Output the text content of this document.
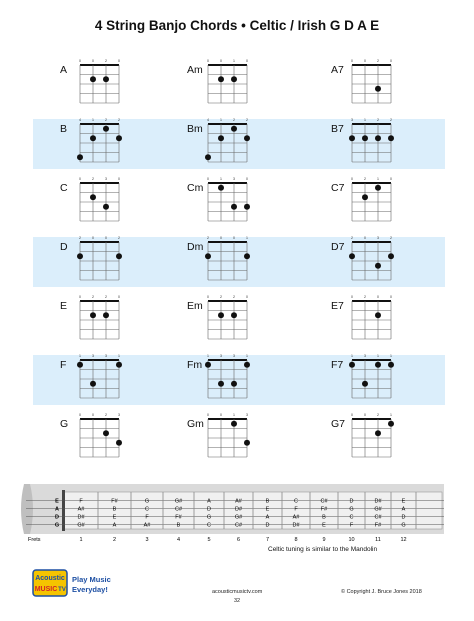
4 String Banjo Chords • Celtic / Irish G D A E
A
0	0	2	0
Am
0	0	1	0
A7
0	0	2	0
B
4	1	2	2
Bm
4	1	2	2
B7
3	1	2	2
C
0	2	3	0
Cm
0	1	3	0
C7
0	2	1	0
D
2	0	0	2
Dm
2	0	0	1
D7
2	0	3	2
E
0	2	2	0
Em
0	2	2	0
E7
0	2	0	0
F
1	3	3	1
Fm
1	3	3	1
F7
1	3	1	1
G
0	0	2	3
Gm
0	0	1	3
G7
0	0	2	1
E
A
D
G
F	F#	G	G#	A	A#	B	C	C#	D	D#	E
A#	B	C	C#	D	D#	E	F	F#	G	G#	A
D#	E	F	F#	G	G#	A	A#	B	C	C#	D
G#	A	A#	B	C	C#	D	D#	E	F	F#	G
Frets	1	2	3	4	5	6	7	8	9	10	11	12
Celtic tuning is similar to the Mandolin
Acoustic
MUSIC TV
Play Music
Everyday!	acousticmusictv.com
32
© Copyright J. Bruce Jones 2018
